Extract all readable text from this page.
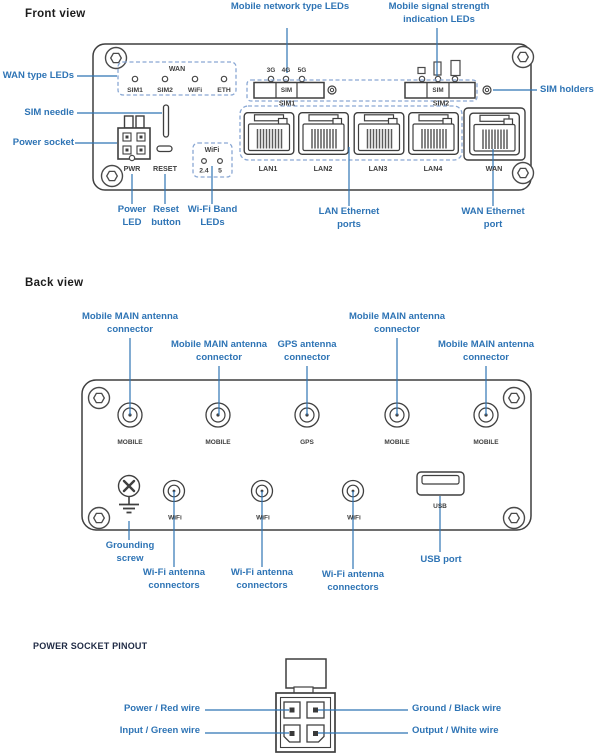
WAN
SIM1 SIM2 WiFi ETH
3G 4G 5G
SIM	SIM
SIM1	SIM2
PWR RESET
WiFi
2.4 5	LAN1	LAN2	LAN3	LAN4	WAN
MOBILE	MOBILE	GPS	MOBILE	MOBILE
WiFi	WiFi	WiFi
USB
Front view
Mobile network type LEDs	Mobile signal strength indication LEDs
WAN type LEDs
SIM needle
Power socket
SIM holders
Power LED
Reset button
Wi-Fi Band LEDs
LAN Ethernet ports
WAN Ethernet port
Back view
Mobile MAIN antenna connector
Mobile MAIN antenna connector
GPS antenna connector
Mobile MAIN antenna connector
Mobile MAIN antenna connector
Grounding screw
Wi-Fi antenna connectors
Wi-Fi antenna connectors
Wi-Fi antenna connectors
USB port
POWER SOCKET PINOUT
Power / Red wire
Input / Green wire
Ground / Black wire
Output / White wire
